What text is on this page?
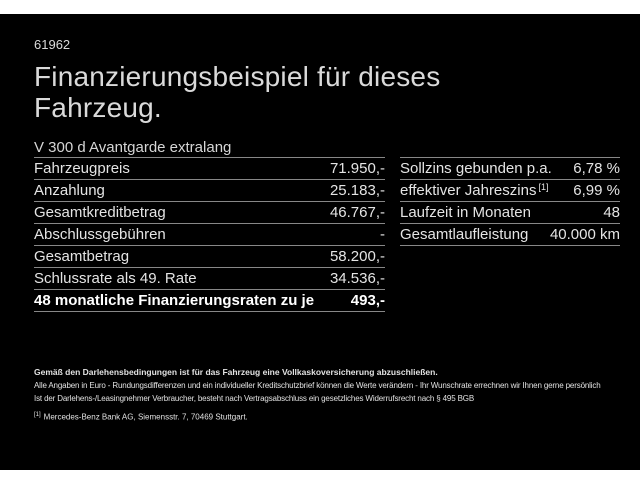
61962
Finanzierungsbeispiel für dieses Fahrzeug.
V 300 d Avantgarde extralang
Fahrzeugpreis	71.950,-
Anzahlung	25.183,-
Gesamtkreditbetrag	46.767,-
Abschlussgebühren	-
Gesamtbetrag	58.200,-
Schlussrate als 49. Rate	34.536,-
48 monatliche Finanzierungsraten zu je 493,-
Sollzins gebunden p.a. 6,78 %
effektiver Jahreszins [1] 6,99 %
Laufzeit in Monaten	48
Gesamtlaufleistung 40.000 km

Gemäß den Darlehensbedingungen ist für das Fahrzeug eine Vollkaskoversicherung abzuschließen.

Alle Angaben in Euro - Rundungsdifferenzen und ein individueller Kreditschutzbrief können die Werte verändern - Ihr Wunschrate errechnen wir Ihnen gerne persönlich

Ist der Darlehens-/Leasingnehmer Verbraucher, besteht nach Vertragsabschluss ein gesetzliches Widerrufsrecht nach § 495 BGB

[1] Mercedes-Benz Bank AG, Siemensstr. 7, 70469 Stuttgart.
